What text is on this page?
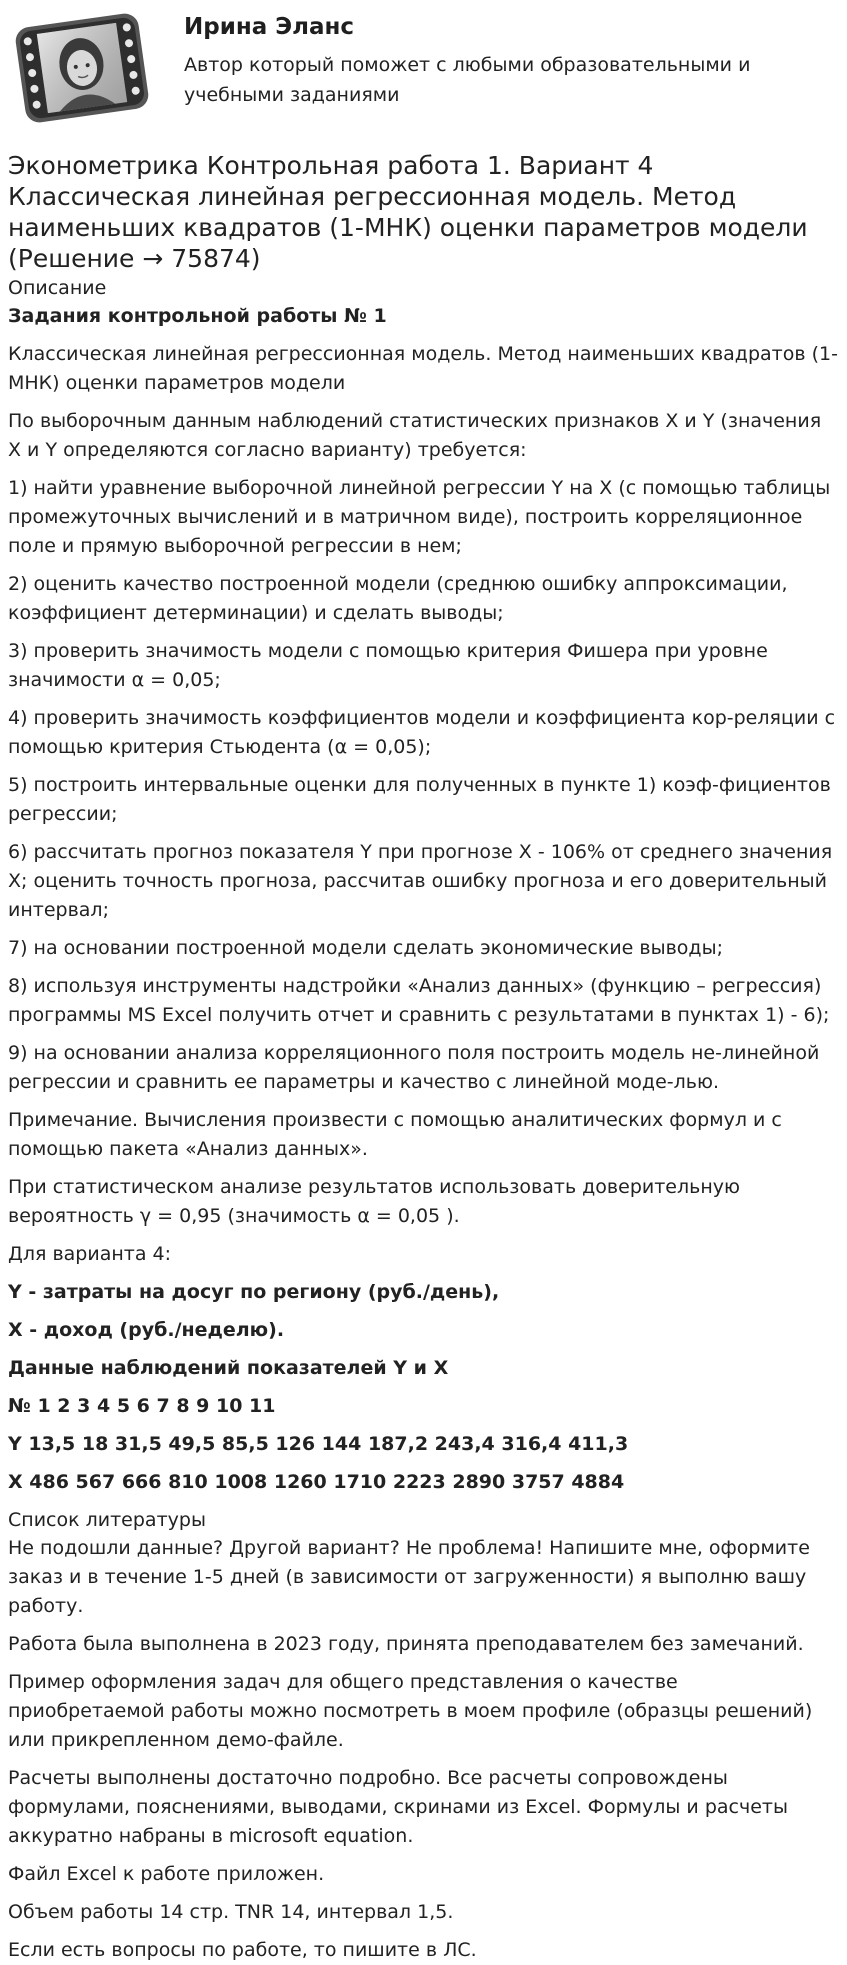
Ирина Эланс
Автор который поможет с любыми образовательными и учебными заданиями
Эконометрика Контрольная работа 1. Вариант 4 Классическая линейная регрессионная модель. Метод наименьших квадратов (1-МНК) оценки параметров модели (Решение → 75874)
Описание

Задания контрольной работы № 1

Классическая линейная регрессионная модель. Метод наименьших квадратов (1-МНК) оценки параметров модели

По выборочным данным наблюдений статистических признаков X и Y (значения X и Y определяются согласно варианту) требуется:

1) найти уравнение выборочной линейной регрессии Y на X (с помощью таблицы промежуточных вычислений и в матричном виде), построить корреляционное поле и прямую выборочной регрессии в нем;

2) оценить качество построенной модели (среднюю ошибку аппроксимации, коэффициент детерминации) и сделать выводы;

3) проверить значимость модели с помощью критерия Фишера при уровне значимости α = 0,05;

4) проверить значимость коэффициентов модели и коэффициента кор-реляции с помощью критерия Стьюдента (α = 0,05);

5) построить интервальные оценки для полученных в пункте 1) коэф-фициентов регрессии;

6) рассчитать прогноз показателя Y при прогнозе X - 106% от среднего значения X; оценить точность прогноза, рассчитав ошибку прогноза и его доверительный интервал;

7) на основании построенной модели сделать экономические выводы;

8) используя инструменты надстройки «Анализ данных» (функцию – регрессия) программы MS Excel получить отчет и сравнить с результатами в пунктах 1) - 6);

9) на основании анализа корреляционного поля построить модель не-линейной регрессии и сравнить ее параметры и качество с линейной моде-лью.

Примечание. Вычисления произвести с помощью аналитических формул и с помощью пакета «Анализ данных».

При статистическом анализе результатов использовать доверительную вероятность γ = 0,95 (значимость α = 0,05 ).

Для варианта 4:

Y - затраты на досуг по региону (руб./день),

X - доход (руб./неделю).

Данные наблюдений показателей Y и X

№ 1 2 3 4 5 6 7 8 9 10 11

Y 13,5 18 31,5 49,5 85,5 126 144 187,2 243,4 316,4 411,3

X 486 567 666 810 1008 1260 1710 2223 2890 3757 4884

Список литературы

Не подошли данные? Другой вариант? Не проблема! Напишите мне, оформите заказ и в течение 1-5 дней (в зависимости от загруженности) я выполню вашу работу.

Работа была выполнена в 2023 году, принята преподавателем без замечаний.

Пример оформления задач для общего представления о качестве приобретаемой работы можно посмотреть в моем профиле (образцы решений) или прикрепленном демо-файле.

Расчеты выполнены достаточно подробно. Все расчеты сопровождены формулами, пояснениями, выводами, скринами из Excel. Формулы и расчеты аккуратно набраны в microsoft equation.

Файл Excel к работе приложен.

Объем работы 14 стр. TNR 14, интервал 1,5.

Если есть вопросы по работе, то пишите в ЛС.
